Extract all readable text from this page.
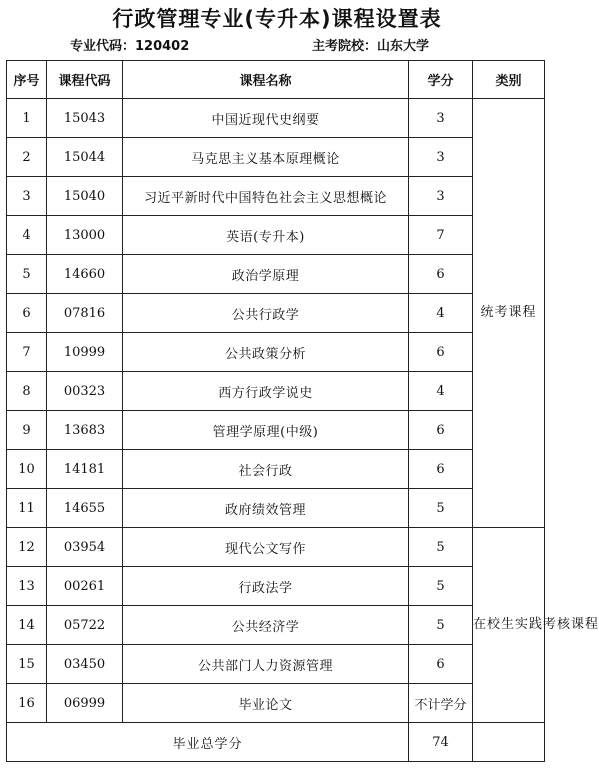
行政管理专业(专升本)课程设置表
专业代码：120402	主考院校：山东大学
序号	课程代码	课程名称	学分	类别
1	15043	中国近现代史纲要	3	统考课程
2	15044	马克思主义基本原理概论	3	
3	15040	习近平新时代中国特色社会主义思想概论	3	
4	13000	英语(专升本)	7	
5	14660	政治学原理	6	
6	07816	公共行政学	4	
7	10999	公共政策分析	6	
8	00323	西方行政学说史	4	
9	13683	管理学原理(中级)	6	
10	14181	社会行政	6	
11	14655	政府绩效管理	5	
12	03954	现代公文写作	5	在校生实践考核课程
13	00261	行政法学	5	
14	05722	公共经济学	5	
15	03450	公共部门人力资源管理	6	
16	06999	毕业论文	不计学分	
毕业总学分			74	
